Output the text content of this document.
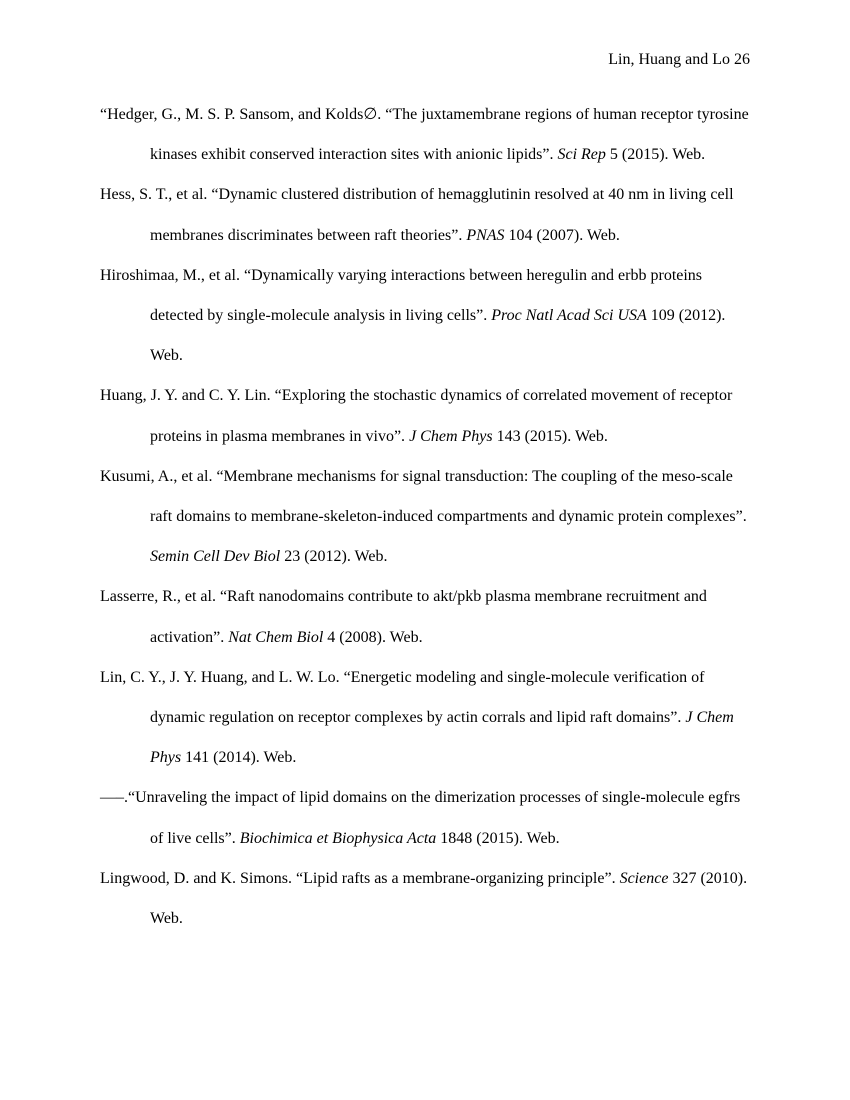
Lin, Huang and Lo 26

“Hedger, G., M. S. P. Sansom, and Kolds∅. “The juxtamembrane regions of human receptor tyrosine kinases exhibit conserved interaction sites with anionic lipids”. Sci Rep 5 (2015). Web.

Hess, S. T., et al. “Dynamic clustered distribution of hemagglutinin resolved at 40 nm in living cell membranes discriminates between raft theories”. PNAS 104 (2007). Web.

Hiroshimaa, M., et al. “Dynamically varying interactions between heregulin and erbb proteins detected by single-molecule analysis in living cells”. Proc Natl Acad Sci USA 109 (2012). Web.

Huang, J. Y. and C. Y. Lin. “Exploring the stochastic dynamics of correlated movement of receptor proteins in plasma membranes in vivo”. J Chem Phys 143 (2015). Web.

Kusumi, A., et al. “Membrane mechanisms for signal transduction: The coupling of the meso-scale raft domains to membrane-skeleton-induced compartments and dynamic protein complexes”. Semin Cell Dev Biol 23 (2012). Web.

Lasserre, R., et al. “Raft nanodomains contribute to akt/pkb plasma membrane recruitment and activation”. Nat Chem Biol 4 (2008). Web.

Lin, C. Y., J. Y. Huang, and L. W. Lo. “Energetic modeling and single-molecule verification of dynamic regulation on receptor complexes by actin corrals and lipid raft domains”. J Chem Phys 141 (2014). Web.

—–.“Unraveling the impact of lipid domains on the dimerization processes of single-molecule egfrs of live cells”. Biochimica et Biophysica Acta 1848 (2015). Web.

Lingwood, D. and K. Simons. “Lipid rafts as a membrane-organizing principle”. Science 327 (2010). Web.
